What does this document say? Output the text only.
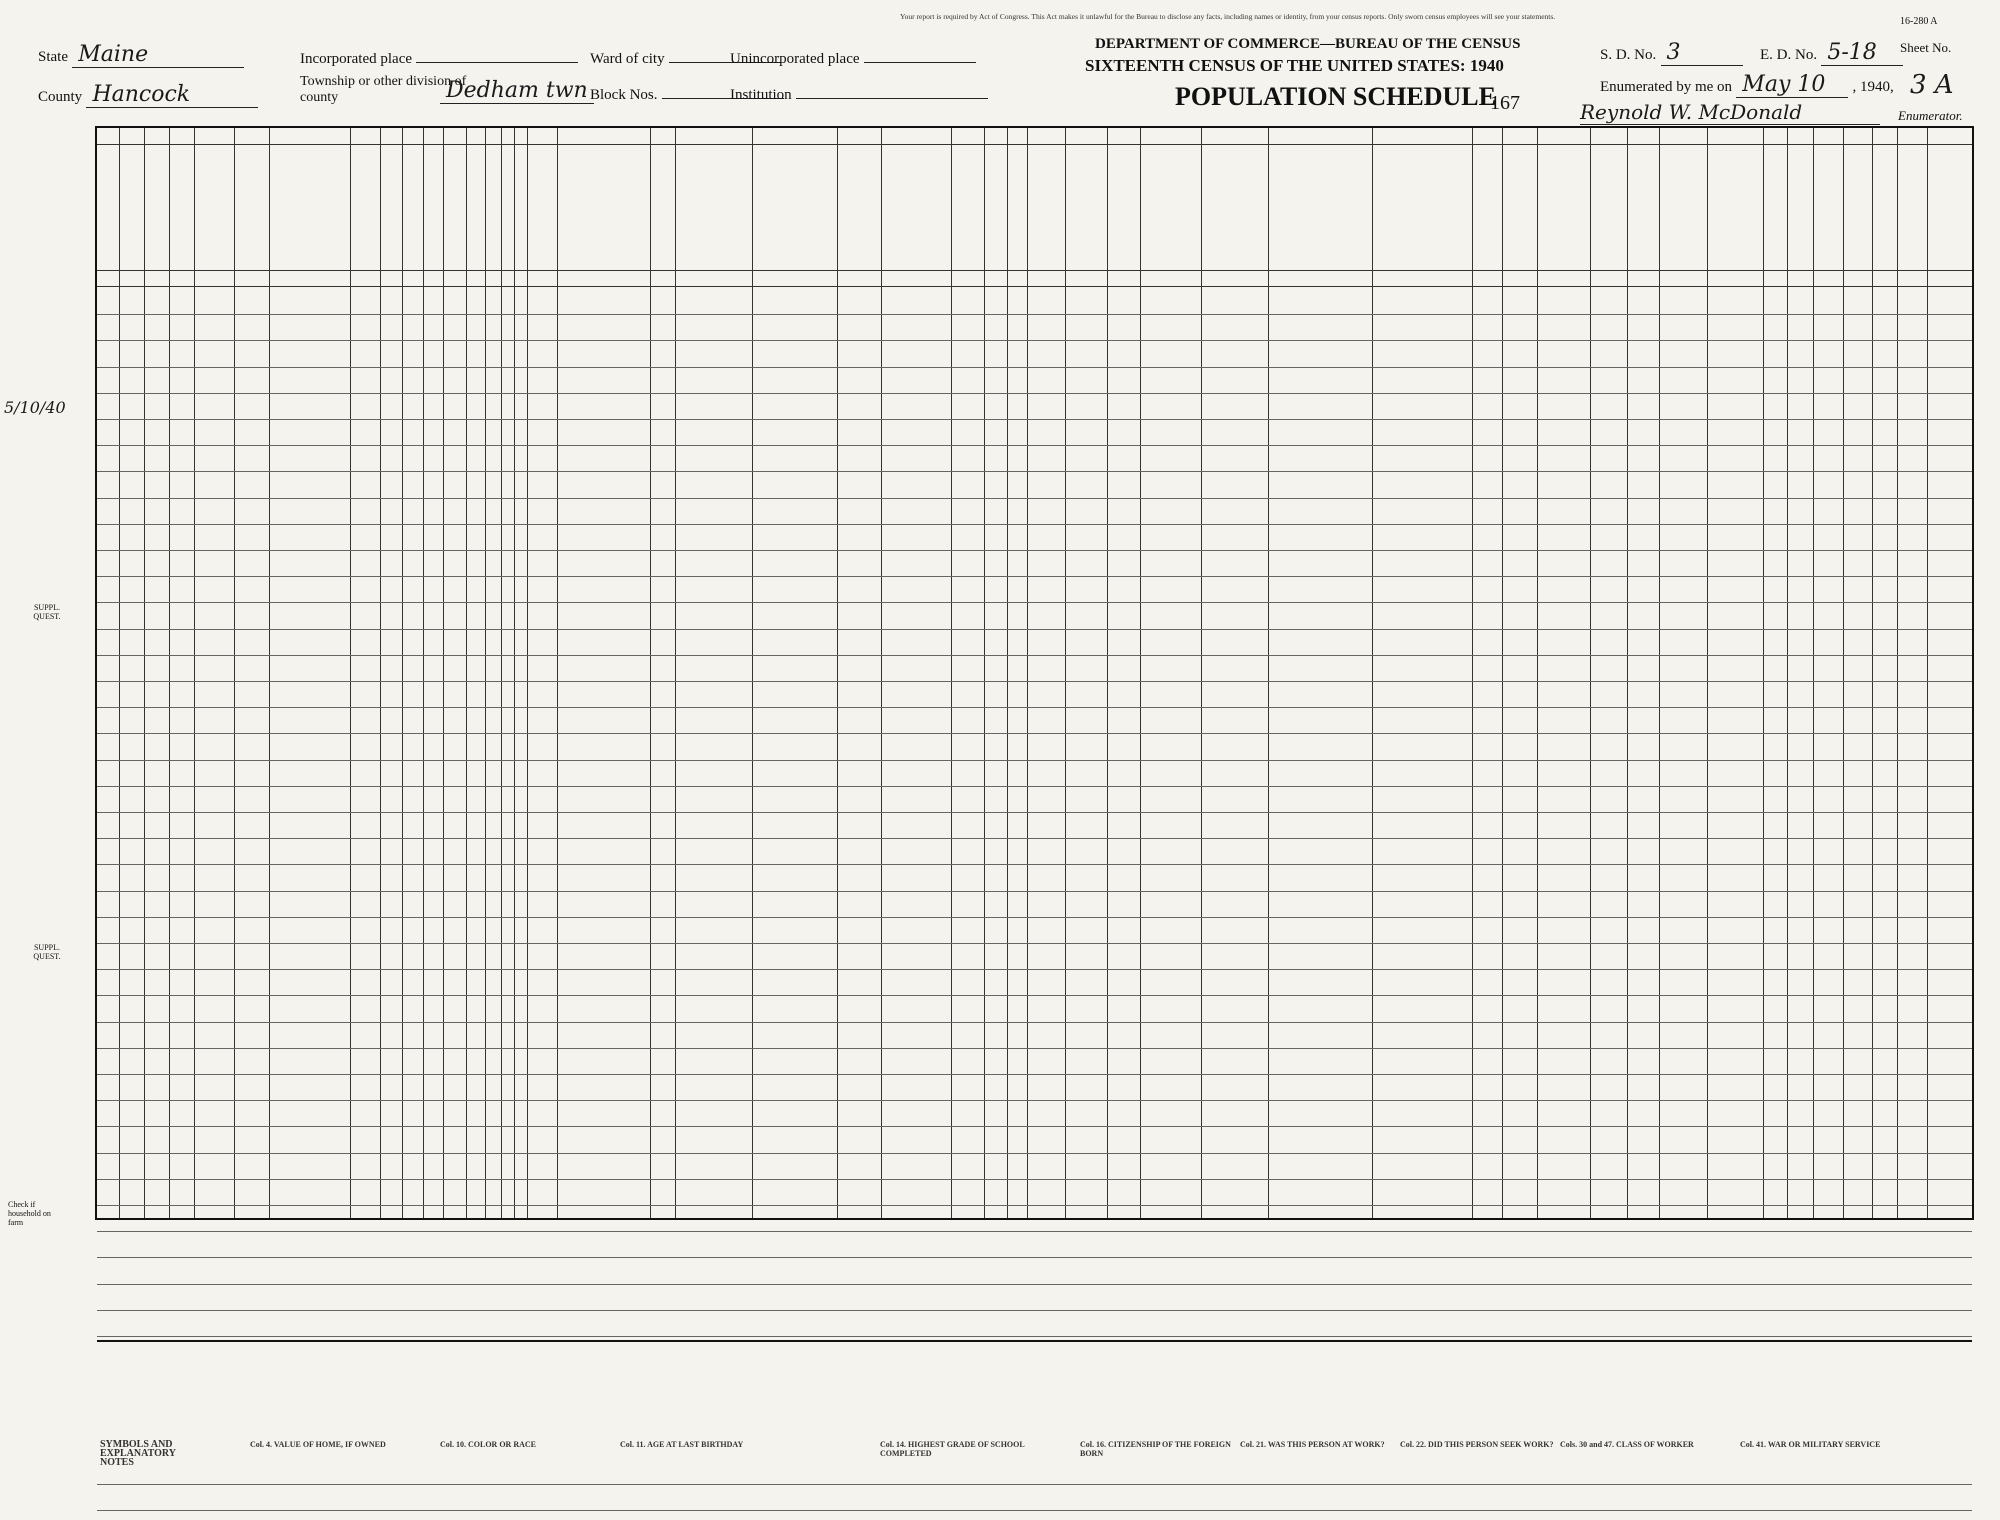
Your report is required by Act of Congress. This Act makes it unlawful for the Bureau to disclose any facts, including names or identity, from your census reports. Only sworn census employees will see your statements.	16-280 A
State Maine
County Hancock
Incorporated place
Township or other division of county	Dedham twn
Ward of city
Block Nos.
Unincorporated place
Institution
DEPARTMENT OF COMMERCE—BUREAU OF THE CENSUS
SIXTEENTH CENSUS OF THE UNITED STATES: 1940
POPULATION SCHEDULE
167
S. D. No. 3	E. D. No. 5-18	Sheet No.
3 A
Enumerated by me on May 10 , 1940,
Reynold W. McDonald	Enumerator.
5/10/40
SUPPL. QUEST.
SUPPL. QUEST.
Check if household on farm
SYMBOLS AND EXPLANATORY NOTES
Col. 4. VALUE OF HOME, IF OWNED	Col. 10. COLOR OR RACE	Col. 11. AGE AT LAST BIRTHDAY	Col. 14. HIGHEST GRADE OF SCHOOL COMPLETED
Col. 16. CITIZENSHIP OF THE FOREIGN BORN
Col. 21. WAS THIS PERSON AT WORK?	Col. 22. DID THIS PERSON SEEK WORK? Cols. 30 and 47. CLASS OF WORKER	Col. 41. WAR OR MILITARY SERVICE
